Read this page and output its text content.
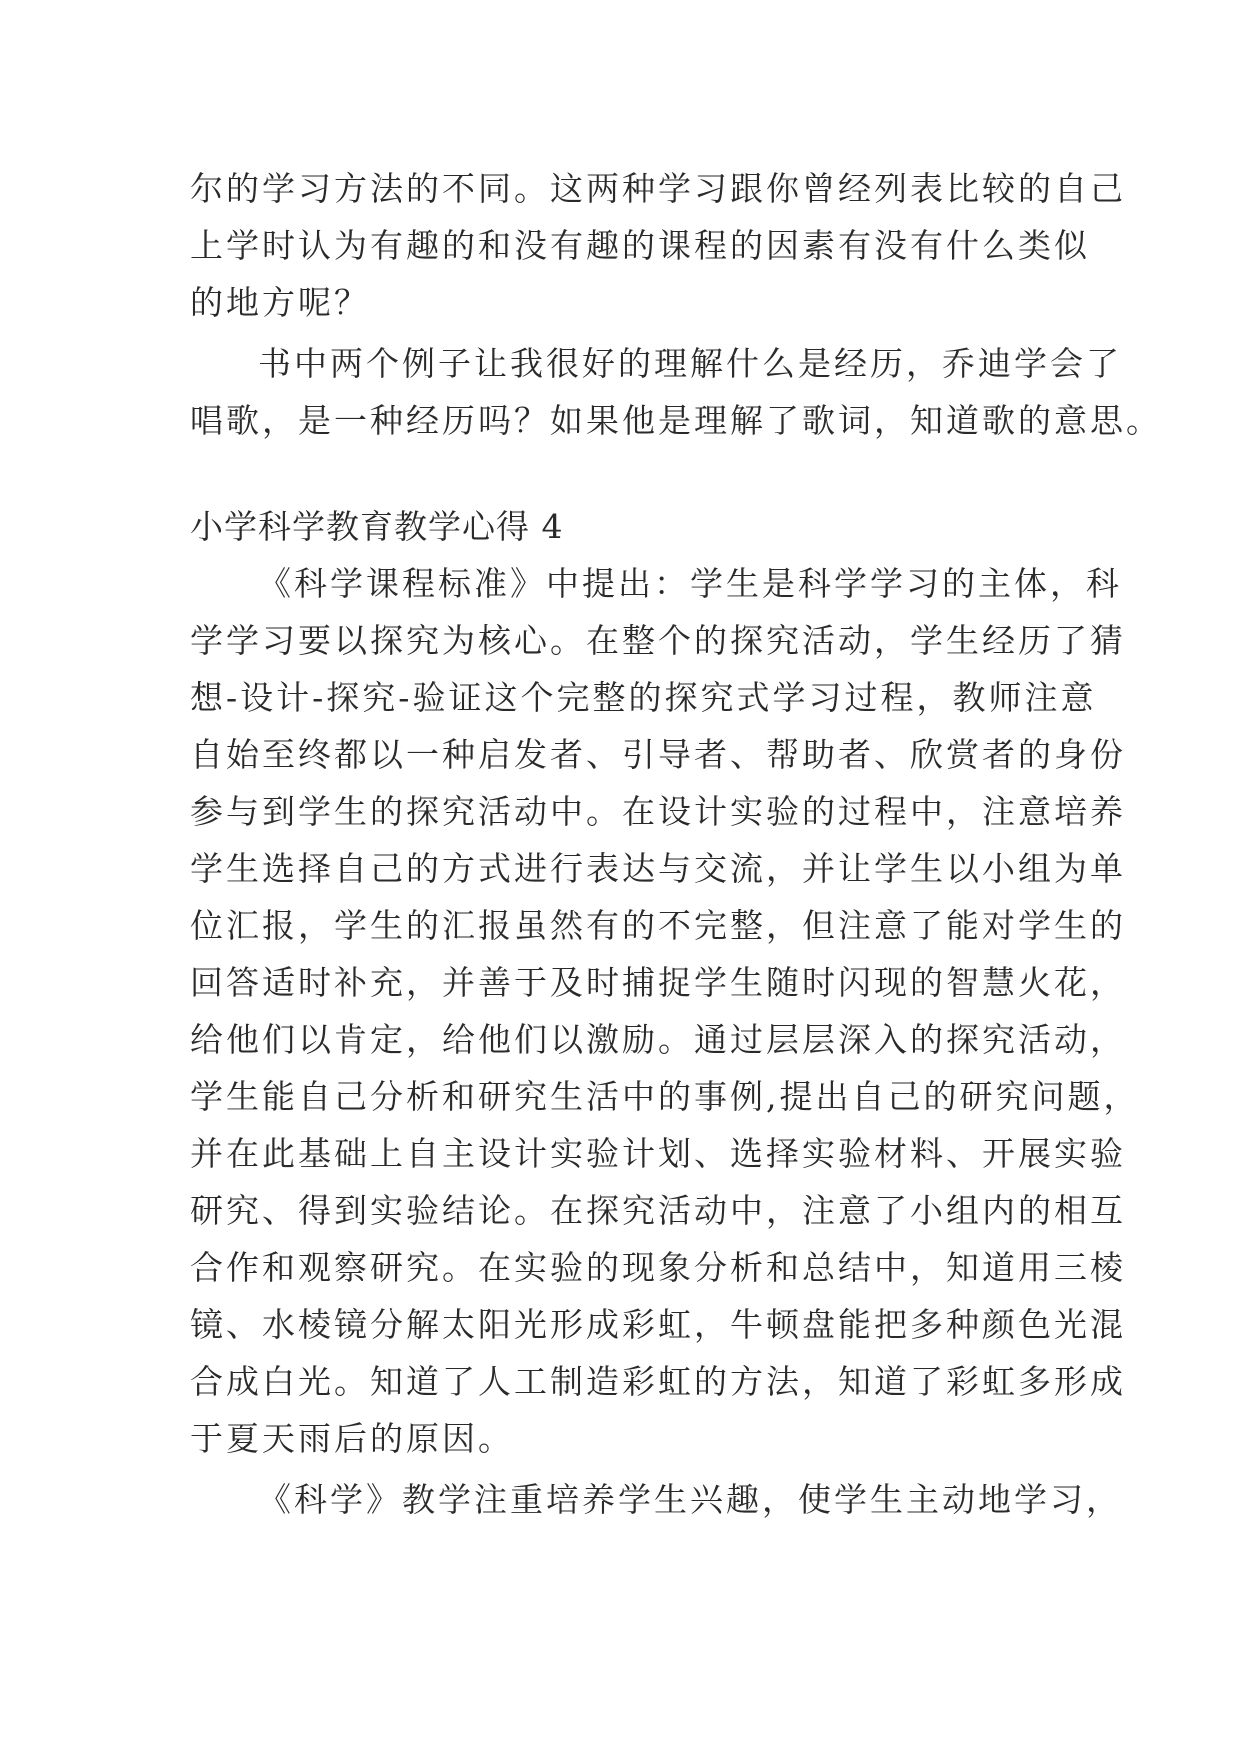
尔的学习方法的不同。这两种学习跟你曾经列表比较的自己
上学时认为有趣的和没有趣的课程的因素有没有什么类似
的地方呢？
书中两个例子让我很好的理解什么是经历，乔迪学会了
唱歌，是一种经历吗？如果他是理解了歌词，知道歌的意思。
小学科学教育教学心得 4
《科学课程标准》中提出：学生是科学学习的主体，科
学学习要以探究为核心。在整个的探究活动，学生经历了猜
想-设计-探究-验证这个完整的探究式学习过程，教师注意
自始至终都以一种启发者、引导者、帮助者、欣赏者的身份
参与到学生的探究活动中。在设计实验的过程中，注意培养
学生选择自己的方式进行表达与交流，并让学生以小组为单
位汇报，学生的汇报虽然有的不完整，但注意了能对学生的
回答适时补充，并善于及时捕捉学生随时闪现的智慧火花，
给他们以肯定，给他们以激励。通过层层深入的探究活动，
学生能自己分析和研究生活中的事例,提出自己的研究问题，
并在此基础上自主设计实验计划、选择实验材料、开展实验
研究、得到实验结论。在探究活动中，注意了小组内的相互
合作和观察研究。在实验的现象分析和总结中，知道用三棱
镜、水棱镜分解太阳光形成彩虹，牛顿盘能把多种颜色光混
合成白光。知道了人工制造彩虹的方法，知道了彩虹多形成
于夏天雨后的原因。
《科学》教学注重培养学生兴趣，使学生主动地学习，
